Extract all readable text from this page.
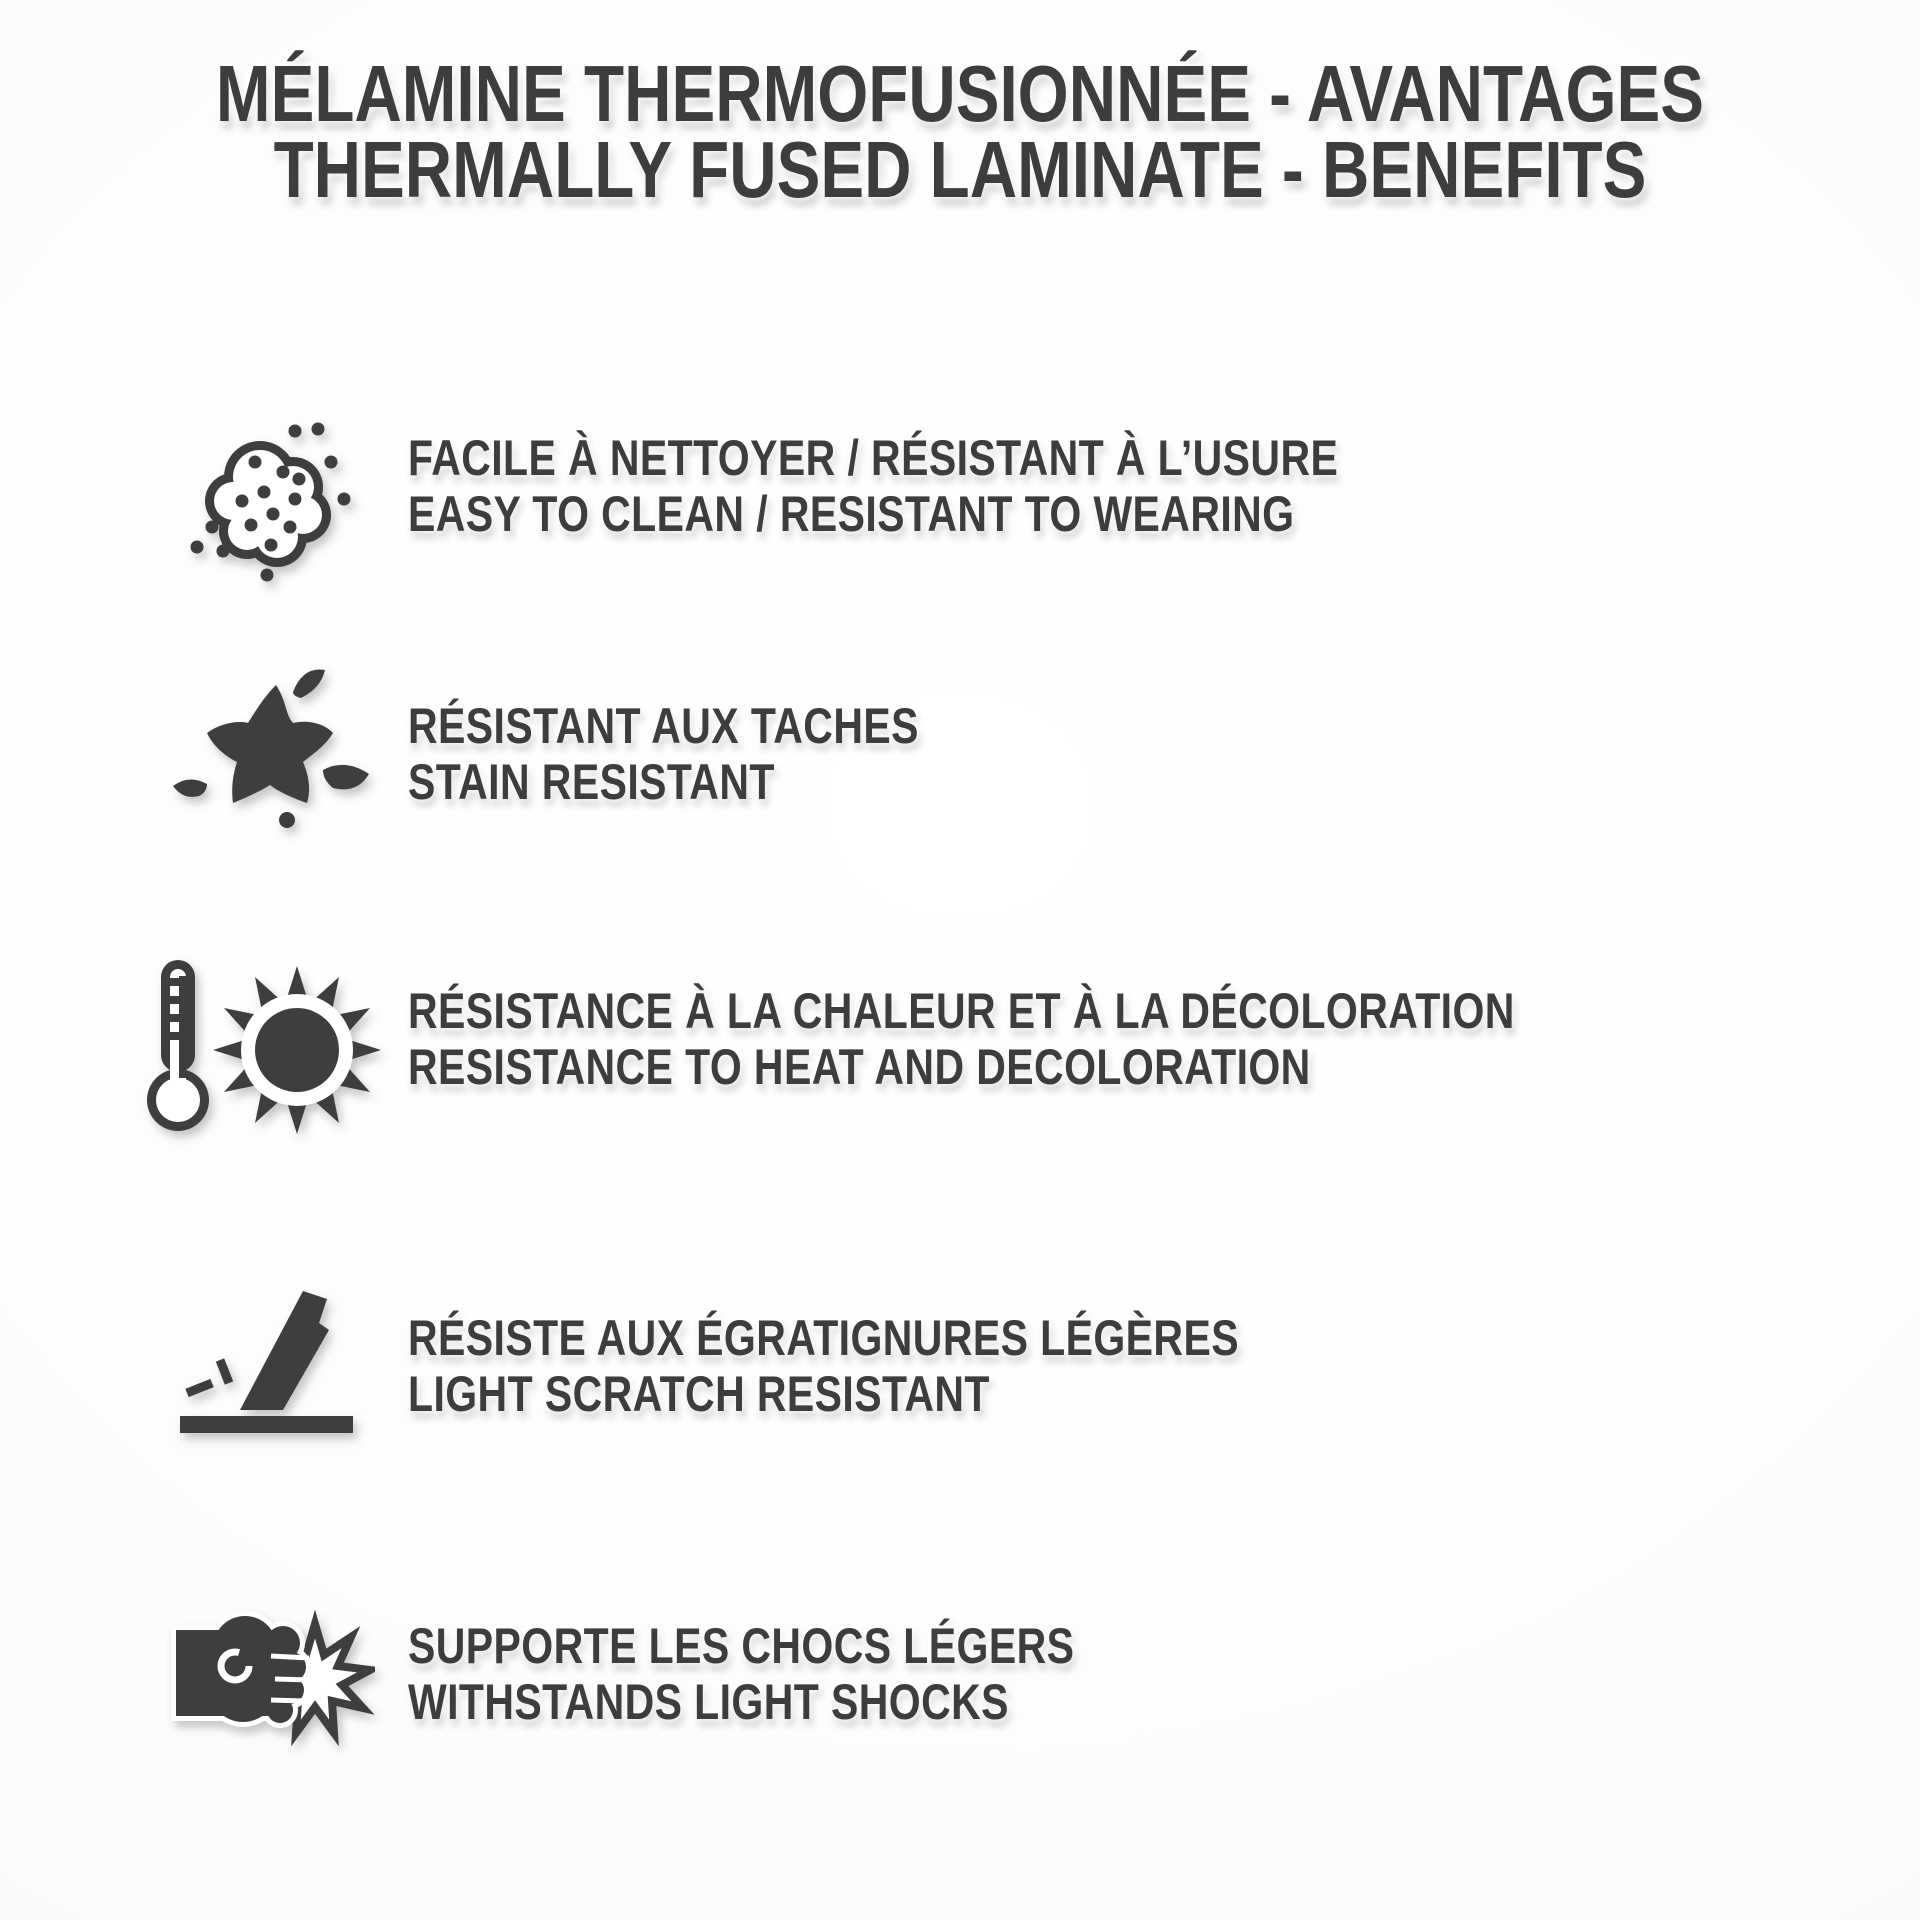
MÉLAMINE THERMOFUSIONNÉE - AVANTAGES
THERMALLY FUSED LAMINATE - BENEFITS
FACILE À NETTOYER / RÉSISTANT À L’USURE
EASY TO CLEAN / RESISTANT TO WEARING
RÉSISTANT AUX TACHES
STAIN RESISTANT
RÉSISTANCE À LA CHALEUR ET À LA DÉCOLORATION
RESISTANCE TO HEAT AND DECOLORATION
RÉSISTE AUX ÉGRATIGNURES LÉGÈRES
LIGHT SCRATCH RESISTANT
SUPPORTE LES CHOCS LÉGERS
WITHSTANDS LIGHT SHOCKS
